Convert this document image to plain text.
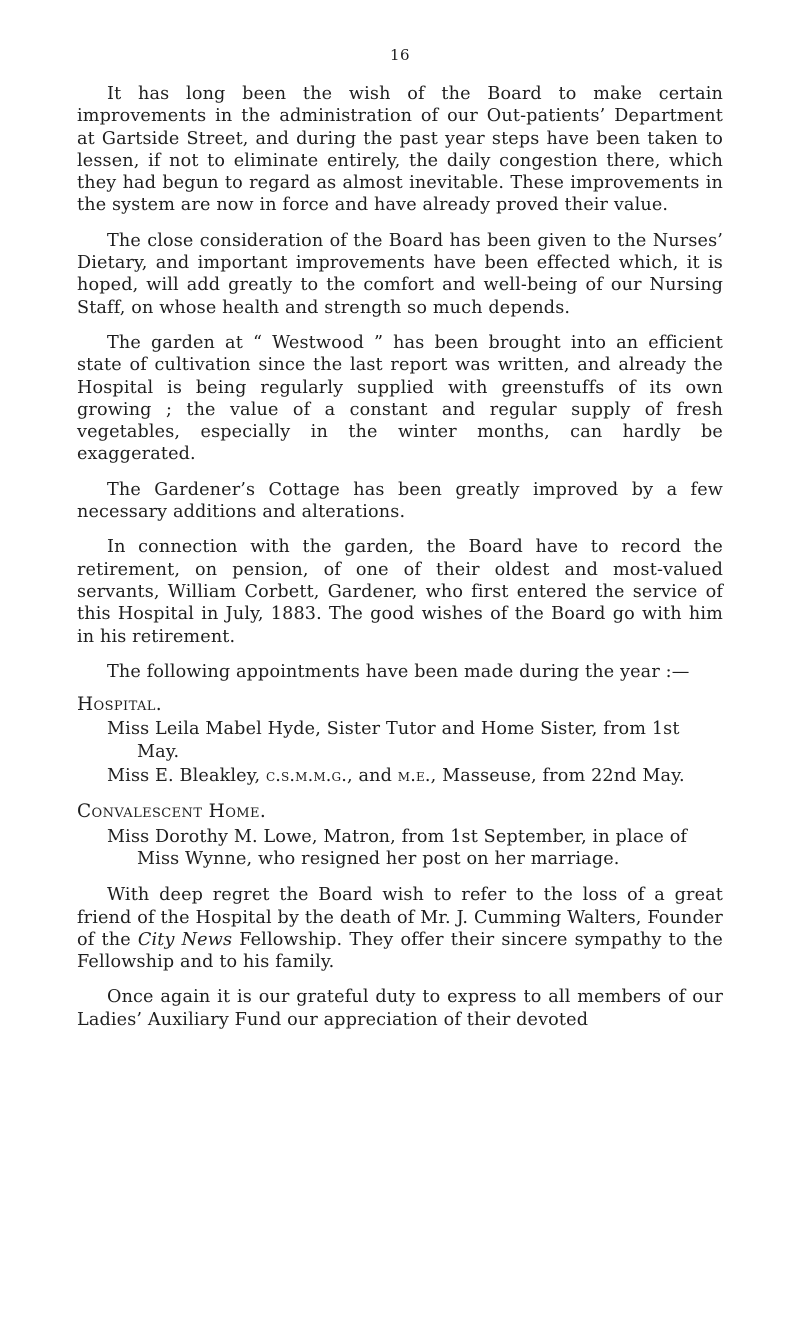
16

It has long been the wish of the Board to make certain improvements in the administration of our Out-patients’ Department at Gartside Street, and during the past year steps have been taken to lessen, if not to eliminate entirely, the daily congestion there, which they had begun to regard as almost inevitable. These improvements in the system are now in force and have already proved their value.

The close consideration of the Board has been given to the Nurses’ Dietary, and important improvements have been effected which, it is hoped, will add greatly to the comfort and well-being of our Nursing Staff, on whose health and strength so much depends.

The garden at “ Westwood ” has been brought into an efficient state of cultivation since the last report was written, and already the Hospital is being regularly supplied with greenstuffs of its own growing ; the value of a constant and regular supply of fresh vegetables, especially in the winter months, can hardly be exaggerated.

The Gardener’s Cottage has been greatly improved by a few necessary additions and alterations.

In connection with the garden, the Board have to record the retirement, on pension, of one of their oldest and most-valued servants, William Corbett, Gardener, who first entered the service of this Hospital in July, 1883. The good wishes of the Board go with him in his retirement.

The following appointments have been made during the year :—

Hospital.

Miss Leila Mabel Hyde, Sister Tutor and Home Sister, from 1st May.

Miss E. Bleakley, c.s.m.m.g., and m.e., Masseuse, from 22nd May.

Convalescent Home.

Miss Dorothy M. Lowe, Matron, from 1st September, in place of Miss Wynne, who resigned her post on her marriage.

With deep regret the Board wish to refer to the loss of a great friend of the Hospital by the death of Mr. J. Cumming Walters, Founder of the City News Fellowship. They offer their sincere sympathy to the Fellowship and to his family.

Once again it is our grateful duty to express to all members of our Ladies’ Auxiliary Fund our appreciation of their devoted
